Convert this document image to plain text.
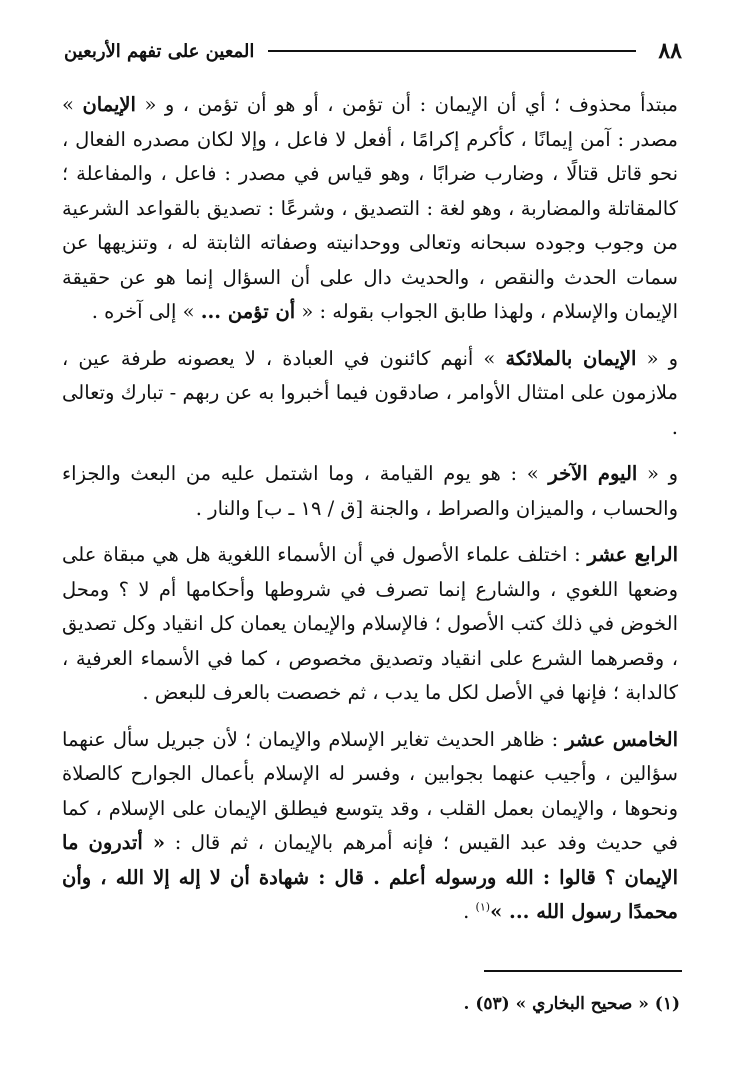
٨٨
المعين على تفهم الأربعين

مبتدأ محذوف ؛ أي أن الإيمان : أن تؤمن ، أو هو أن تؤمن ، و « الإيمان » مصدر : آمن إيمانًا ، كأكرم إكرامًا ، أفعل لا فاعل ، وإلا لكان مصدره الفعال ، نحو قاتل قتالًا ، وضارب ضرابًا ، وهو قياس في مصدر : فاعل ، والمفاعلة ؛ كالمقاتلة والمضاربة ، وهو لغة : التصديق ، وشرعًا : تصديق بالقواعد الشرعية من وجوب وجوده سبحانه وتعالى ووحدانيته وصفاته الثابتة له ، وتنزيهها عن سمات الحدث والنقص ، والحديث دال على أن السؤال إنما هو عن حقيقة الإيمان والإسلام ، ولهذا طابق الجواب بقوله : « أن تؤمن ... » إلى آخره .

و « الإيمان بالملائكة » أنهم كائنون في العبادة ، لا يعصونه طرفة عين ، ملازمون على امتثال الأوامر ، صادقون فيما أخبروا به عن ربهم - تبارك وتعالى .

و « اليوم الآخر » : هو يوم القيامة ، وما اشتمل عليه من البعث والجزاء والحساب ، والميزان والصراط ، والجنة [ق / ١٩ ـ ب] والنار .

الرابع عشر : اختلف علماء الأصول في أن الأسماء اللغوية هل هي مبقاة على وضعها اللغوي ، والشارع إنما تصرف في شروطها وأحكامها أم لا ؟ ومحل الخوض في ذلك كتب الأصول ؛ فالإسلام والإيمان يعمان كل انقياد وكل تصديق ، وقصرهما الشرع على انقياد وتصديق مخصوص ، كما في الأسماء العرفية ، كالدابة ؛ فإنها في الأصل لكل ما يدب ، ثم خصصت بالعرف للبعض .

الخامس عشر : ظاهر الحديث تغاير الإسلام والإيمان ؛ لأن جبريل سأل عنهما سؤالين ، وأجيب عنهما بجوابين ، وفسر له الإسلام بأعمال الجوارح كالصلاة ونحوها ، والإيمان بعمل القلب ، وقد يتوسع فيطلق الإيمان على الإسلام ، كما في حديث وفد عبد القيس ؛ فإنه أمرهم بالإيمان ، ثم قال : « أتدرون ما الإيمان ؟ قالوا : الله ورسوله أعلم . قال : شهادة أن لا إله إلا الله ، وأن محمدًا رسول الله ... »$^{(١)}$ .

(١) « صحيح البخاري » (٥٣) .
